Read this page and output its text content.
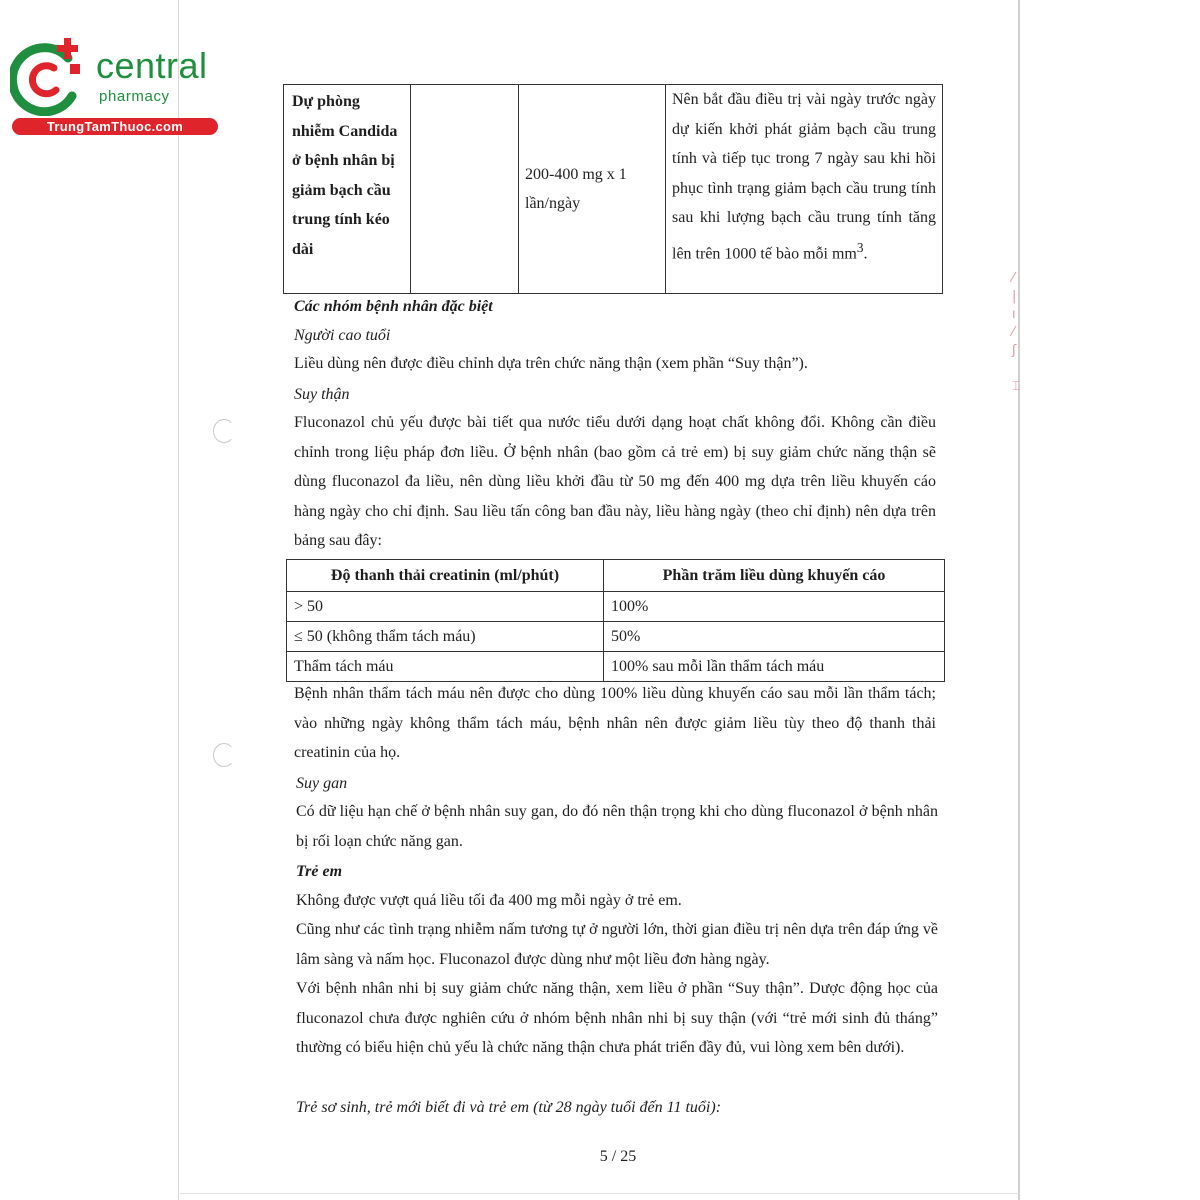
central
pharmacy
TrungTamThuoc.com
⁄
|
ı
⁄
ʃ

⌶
Dự phòng nhiễm Candida ở bệnh nhân bị giảm bạch cầu trung tính kéo dài		200-400 mg x 1 lần/ngày	Nên bắt đầu điều trị vài ngày trước ngày dự kiến khởi phát giảm bạch cầu trung tính và tiếp tục trong 7 ngày sau khi hồi phục tình trạng giảm bạch cầu trung tính sau khi lượng bạch cầu trung tính tăng lên trên 1000 tế bào mỗi $mm^3$.
Các nhóm bệnh nhân đặc biệt
Người cao tuổi
Liều dùng nên được điều chỉnh dựa trên chức năng thận (xem phần “Suy thận”).
Suy thận
Fluconazol chủ yếu được bài tiết qua nước tiểu dưới dạng hoạt chất không đổi. Không cần điều chỉnh trong liệu pháp đơn liều. Ở bệnh nhân (bao gồm cả trẻ em) bị suy giảm chức năng thận sẽ dùng fluconazol đa liều, nên dùng liều khởi đầu từ 50 mg đến 400 mg dựa trên liều khuyến cáo hàng ngày cho chỉ định. Sau liều tấn công ban đầu này, liều hàng ngày (theo chỉ định) nên dựa trên bảng sau đây:
Độ thanh thải creatinin (ml/phút)	Phần trăm liều dùng khuyến cáo
> 50	100%
≤ 50 (không thẩm tách máu)	50%
Thẩm tách máu	100% sau mỗi lần thẩm tách máu
Bệnh nhân thẩm tách máu nên được cho dùng 100% liều dùng khuyến cáo sau mỗi lần thẩm tách; vào những ngày không thẩm tách máu, bệnh nhân nên được giảm liều tùy theo độ thanh thải creatinin của họ.
Suy gan
Có dữ liệu hạn chế ở bệnh nhân suy gan, do đó nên thận trọng khi cho dùng fluconazol ở bệnh nhân bị rối loạn chức năng gan.
Trẻ em
Không được vượt quá liều tối đa 400 mg mỗi ngày ở trẻ em.
Cũng như các tình trạng nhiễm nấm tương tự ở người lớn, thời gian điều trị nên dựa trên đáp ứng về lâm sàng và nấm học. Fluconazol được dùng như một liều đơn hàng ngày.
Với bệnh nhân nhi bị suy giảm chức năng thận, xem liều ở phần “Suy thận”. Dược động học của fluconazol chưa được nghiên cứu ở nhóm bệnh nhân nhi bị suy thận (với “trẻ mới sinh đủ tháng” thường có biểu hiện chủ yếu là chức năng thận chưa phát triển đầy đủ, vui lòng xem bên dưới).
Trẻ sơ sinh, trẻ mới biết đi và trẻ em (từ 28 ngày tuổi đến 11 tuổi):
5 / 25
